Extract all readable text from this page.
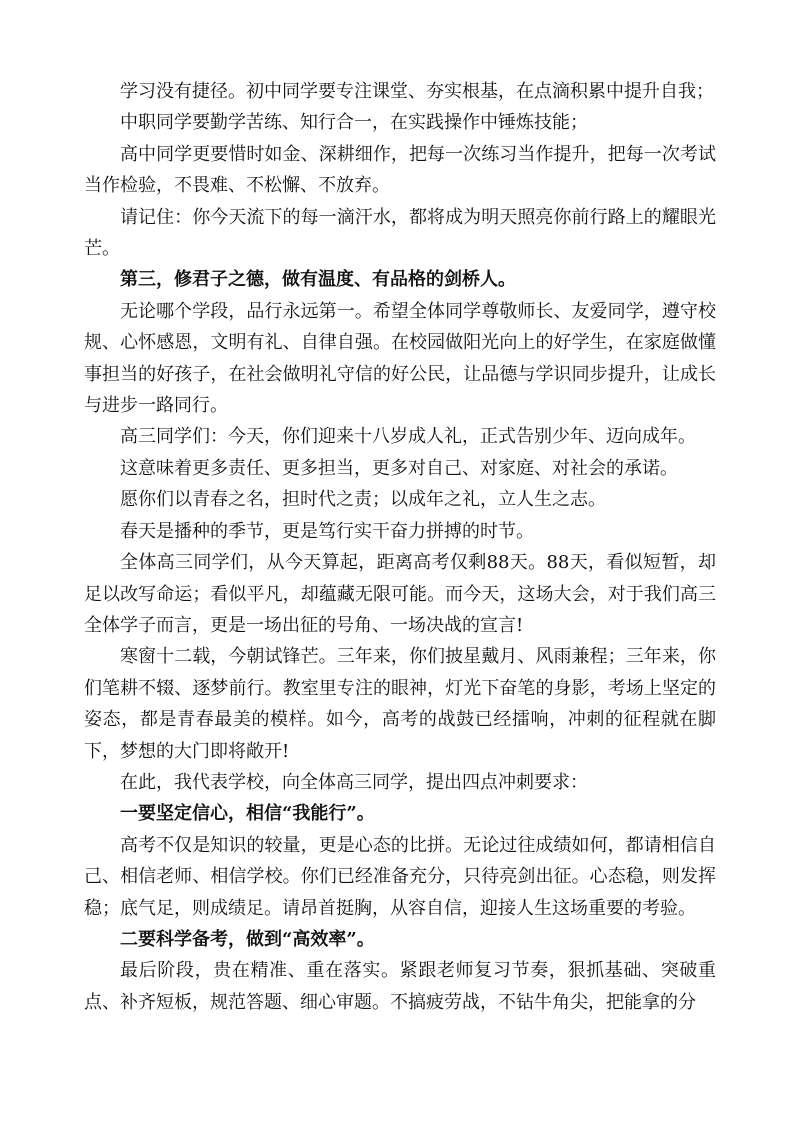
学习没有捷径。初中同学要专注课堂、夯实根基，在点滴积累中提升自我；

中职同学要勤学苦练、知行合一，在实践操作中锤炼技能；

高中同学更要惜时如金、深耕细作，把每一次练习当作提升，把每一次考试当作检验，不畏难、不松懈、不放弃。

请记住：你今天流下的每一滴汗水，都将成为明天照亮你前行路上的耀眼光芒。

第三，修君子之德，做有温度、有品格的剑桥人。

无论哪个学段，品行永远第一。希望全体同学尊敬师长、友爱同学，遵守校规、心怀感恩，文明有礼、自律自强。在校园做阳光向上的好学生，在家庭做懂事担当的好孩子，在社会做明礼守信的好公民，让品德与学识同步提升，让成长与进步一路同行。

高三同学们：今天，你们迎来十八岁成人礼，正式告别少年、迈向成年。

这意味着更多责任、更多担当，更多对自己、对家庭、对社会的承诺。

愿你们以青春之名，担时代之责；以成年之礼，立人生之志。

春天是播种的季节，更是笃行实干奋力拼搏的时节。

全体高三同学们，从今天算起，距离高考仅剩88天。88天，看似短暂，却足以改写命运；看似平凡，却蕴藏无限可能。而今天，这场大会，对于我们高三全体学子而言，更是一场出征的号角、一场决战的宣言!

寒窗十二载，今朝试锋芒。三年来，你们披星戴月、风雨兼程；三年来，你们笔耕不辍、逐梦前行。教室里专注的眼神，灯光下奋笔的身影，考场上坚定的姿态，都是青春最美的模样。如今，高考的战鼓已经擂响，冲刺的征程就在脚下，梦想的大门即将敞开!

在此，我代表学校，向全体高三同学，提出四点冲刺要求：

一要坚定信心，相信“我能行”。

高考不仅是知识的较量，更是心态的比拼。无论过往成绩如何，都请相信自己、相信老师、相信学校。你们已经准备充分，只待亮剑出征。心态稳，则发挥稳；底气足，则成绩足。请昂首挺胸，从容自信，迎接人生这场重要的考验。

二要科学备考，做到“高效率”。

最后阶段，贵在精准、重在落实。紧跟老师复习节奏，狠抓基础、突破重点、补齐短板，规范答题、细心审题。不搞疲劳战，不钻牛角尖，把能拿的分
